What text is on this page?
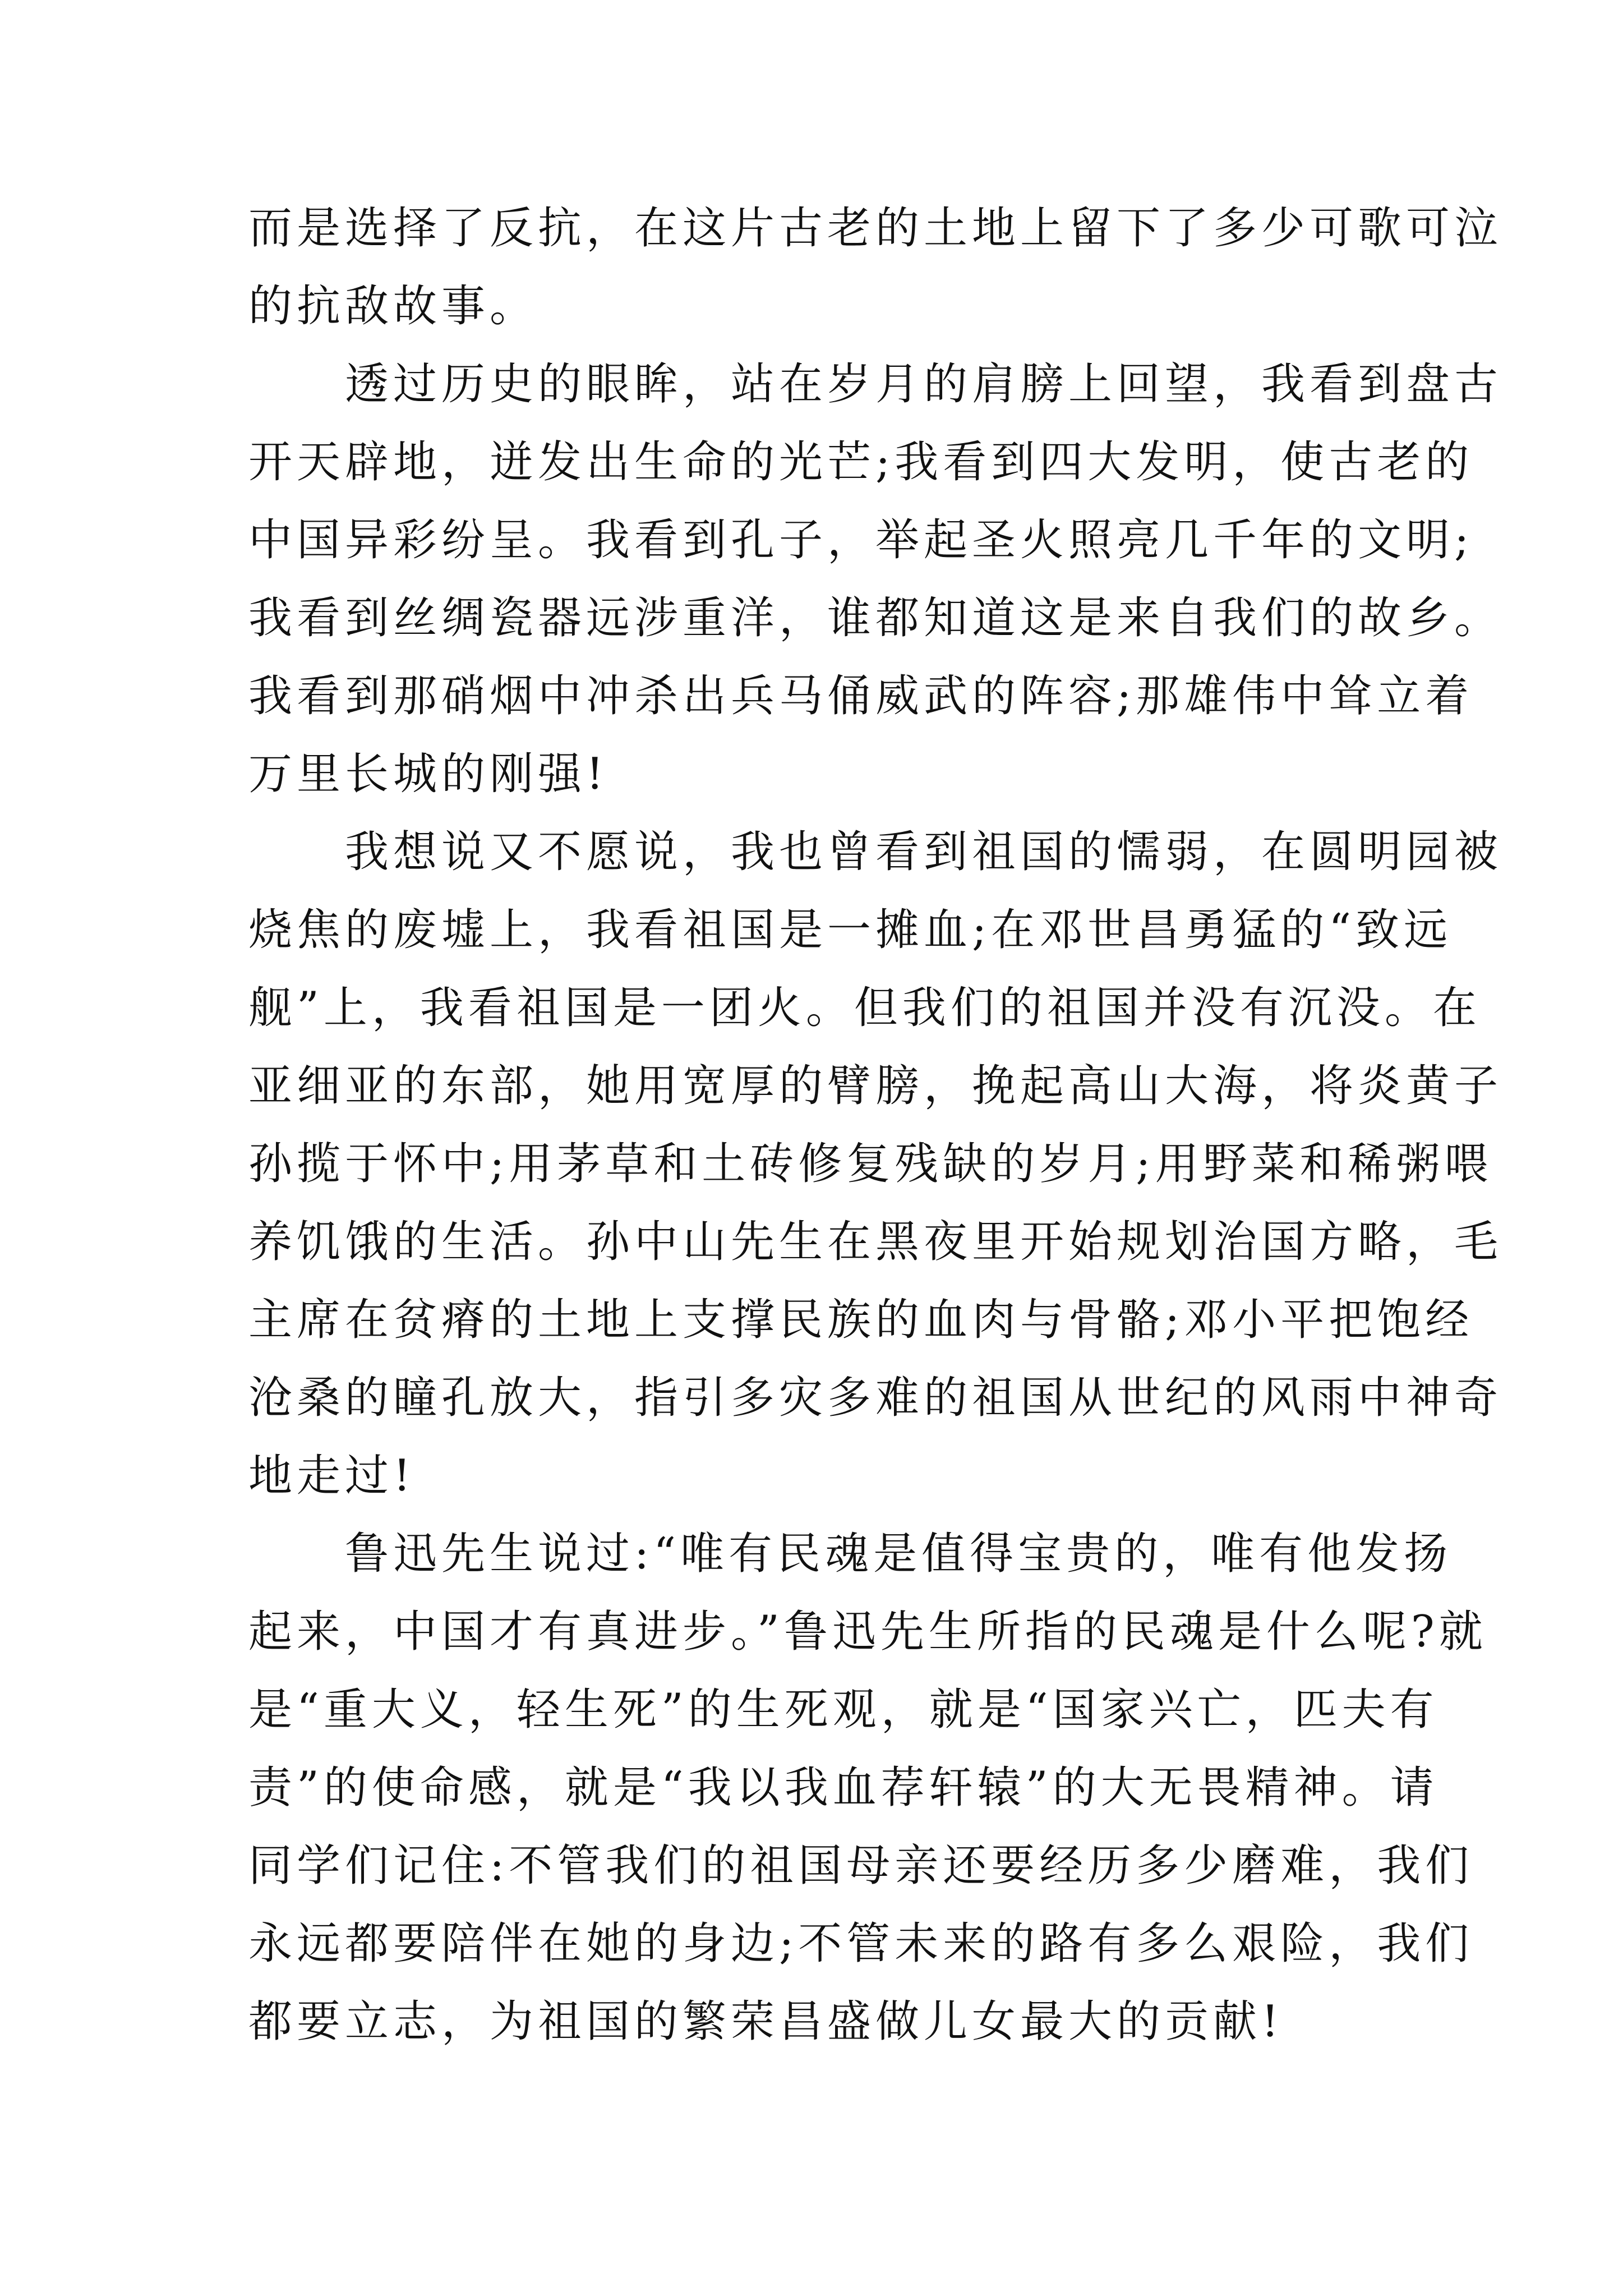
而是选择了反抗，在这片古老的土地上留下了多少可歌可泣
的抗敌故事。
透过历史的眼眸，站在岁月的肩膀上回望，我看到盘古
开天辟地，迸发出生命的光芒;我看到四大发明，使古老的
中国异彩纷呈。我看到孔子，举起圣火照亮几千年的文明;
我看到丝绸瓷器远涉重洋，谁都知道这是来自我们的故乡。
我看到那硝烟中冲杀出兵马俑威武的阵容;那雄伟中耸立着
万里长城的刚强!
我想说又不愿说，我也曾看到祖国的懦弱，在圆明园被
烧焦的废墟上，我看祖国是一摊血;在邓世昌勇猛的“致远
舰”上，我看祖国是一团火。但我们的祖国并没有沉没。在
亚细亚的东部，她用宽厚的臂膀，挽起高山大海，将炎黄子
孙揽于怀中;用茅草和土砖修复残缺的岁月;用野菜和稀粥喂
养饥饿的生活。孙中山先生在黑夜里开始规划治国方略，毛
主席在贫瘠的土地上支撑民族的血肉与骨骼;邓小平把饱经
沧桑的瞳孔放大，指引多灾多难的祖国从世纪的风雨中神奇
地走过!
鲁迅先生说过:“唯有民魂是值得宝贵的，唯有他发扬
起来，中国才有真进步。”鲁迅先生所指的民魂是什么呢?就
是“重大义，轻生死”的生死观，就是“国家兴亡，匹夫有
责”的使命感，就是“我以我血荐轩辕”的大无畏精神。请
同学们记住:不管我们的祖国母亲还要经历多少磨难，我们
永远都要陪伴在她的身边;不管未来的路有多么艰险，我们
都要立志，为祖国的繁荣昌盛做儿女最大的贡献!
